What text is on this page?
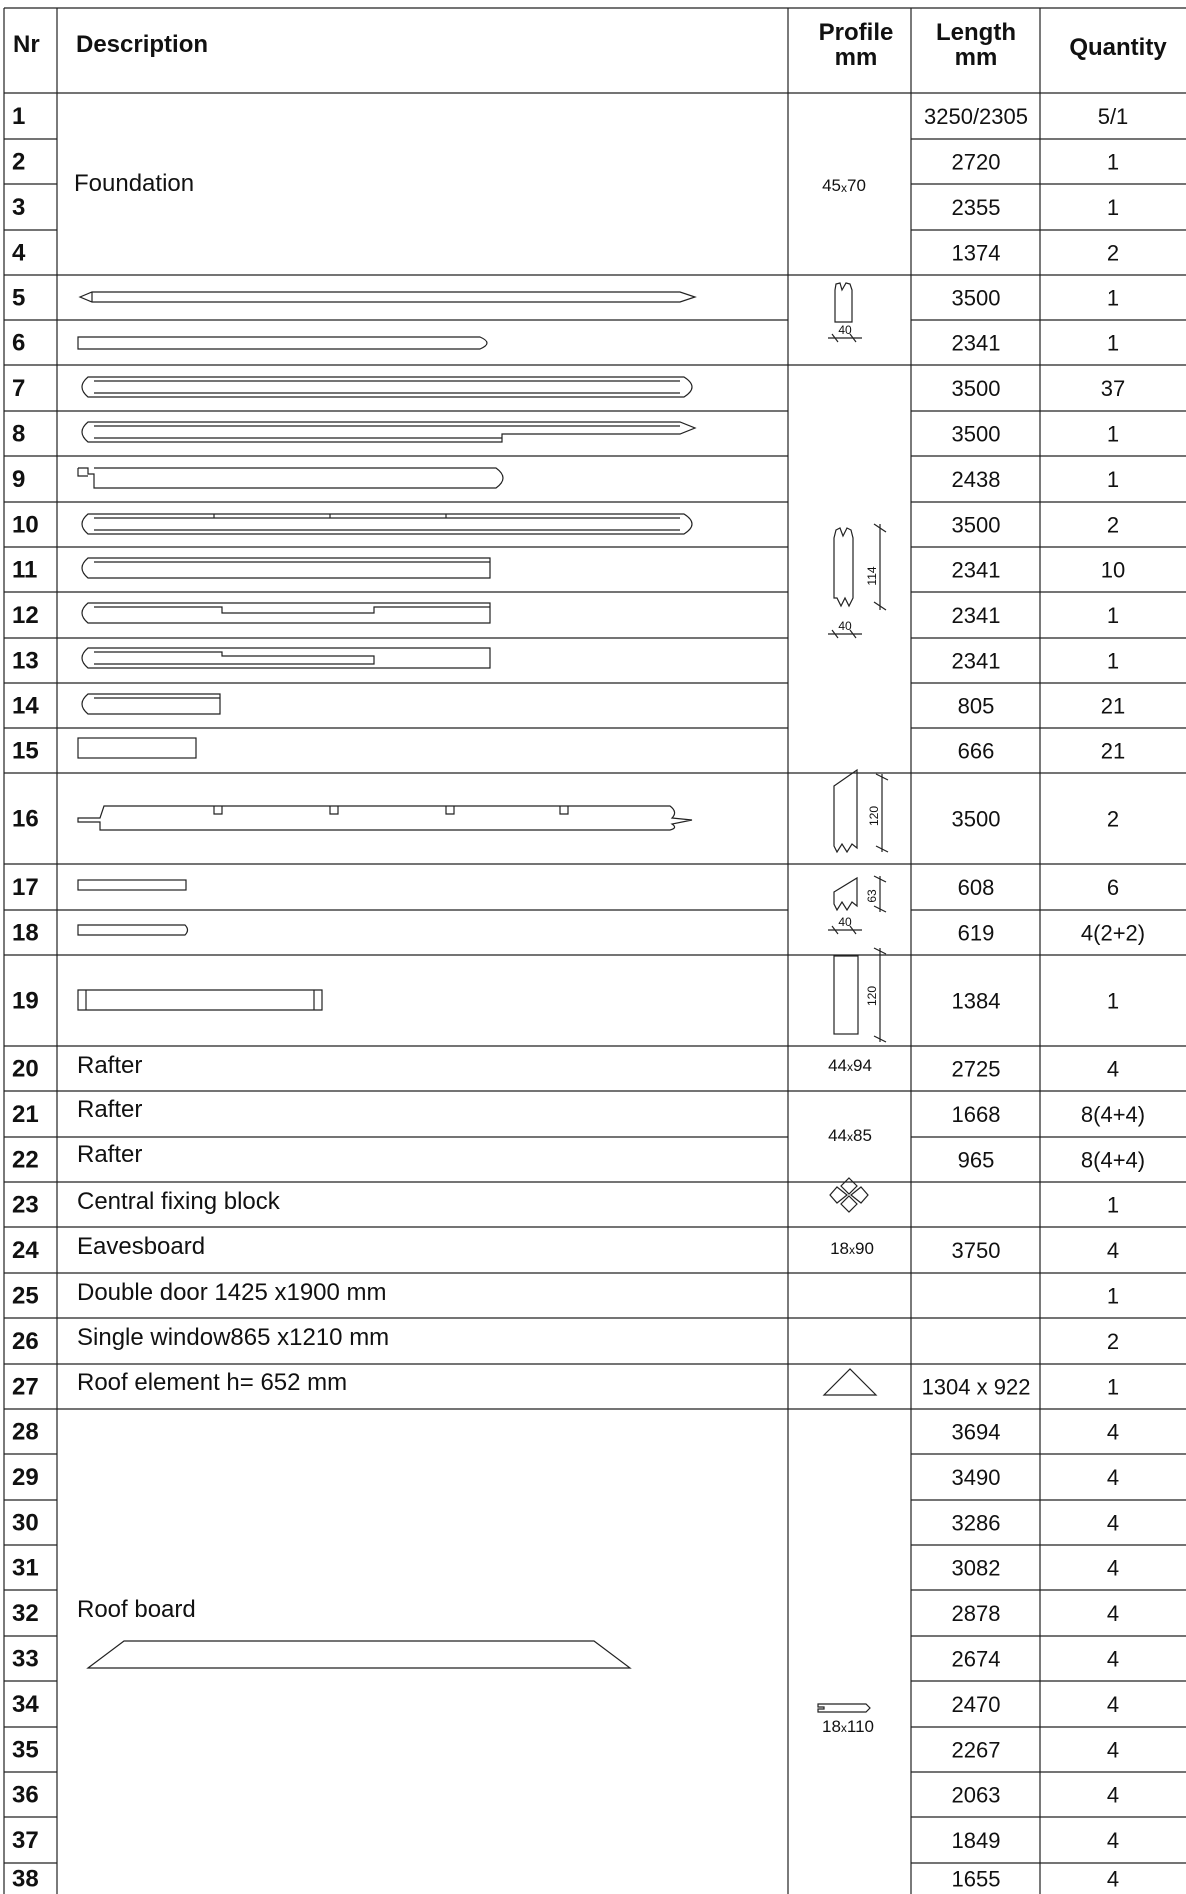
Nr Description	Profile
mm
Length
mm	Quantity
1
2
3
4
5
6
7
8
9
10
11
12
13
14
15
16
17
18
19
20
21
22
23
24
25
26
27
28
29
30
31
32
33
34
35
36
37
38
3250/2305
2720
2355
1374
3500
2341
3500
3500
2438
3500
2341
2341
2341
805
666
3500
608
619
1384
2725
1668
965
3750
1304 x 922
3694
3490
3286
3082
2878
2674
2470
2267
2063
1849
1655
5/1
1
1
2
1
1
37
1
1
2
10
1
1
21
21
2
6
4(2+2)
1
4
8(4+4)
8(4+4)
1
4
1
2
1
4
4
4
4
4
4
4
4
4
4
4
Foundation
Rafter
Rafter
Rafter
Central fixing block
Eavesboard
Double door 1425 x1900 mm
Single window865 x1210 mm
Roof element h= 652 mm
Roof board
45x70
40
114
40
120
63
40
120
44x94
44x85
18x90
18x110
